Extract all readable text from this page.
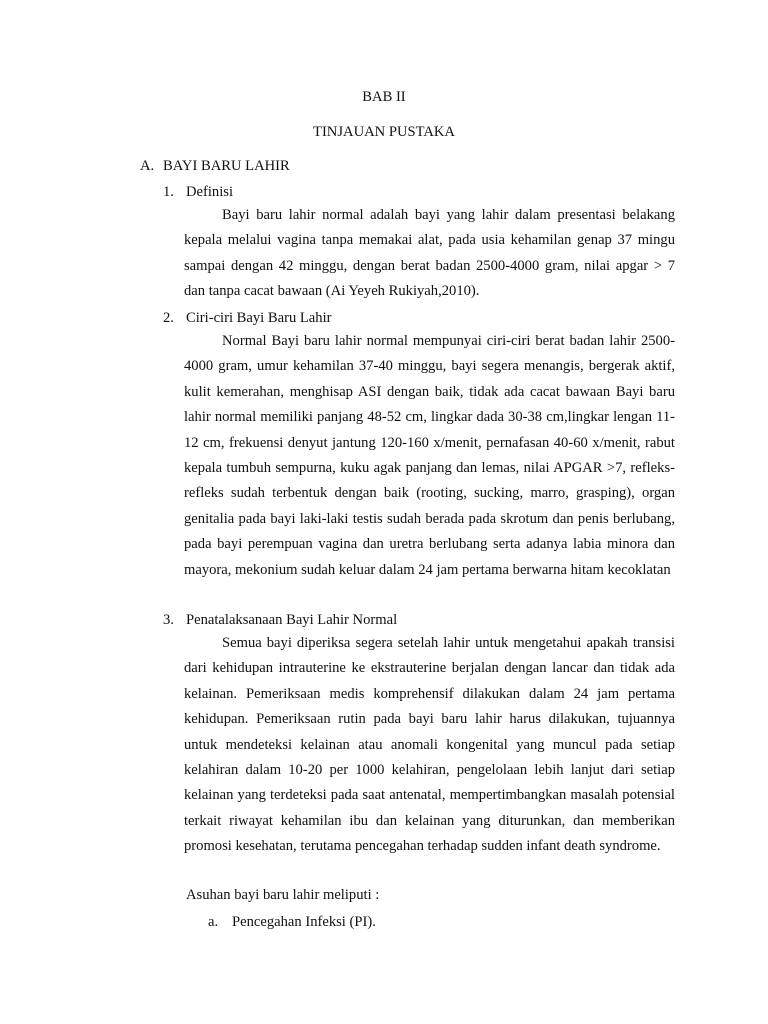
BAB II
TINJAUAN PUSTAKA
A. BAYI BARU LAHIR
1. Definisi

Bayi baru lahir normal adalah bayi yang lahir dalam presentasi belakang kepala melalui vagina tanpa memakai alat, pada usia kehamilan genap 37 mingu sampai dengan 42 minggu, dengan berat badan 2500-4000 gram, nilai apgar > 7 dan tanpa cacat bawaan (Ai Yeyeh Rukiyah,2010).

2. Ciri-ciri Bayi Baru Lahir

Normal Bayi baru lahir normal mempunyai ciri-ciri berat badan lahir 2500-4000 gram, umur kehamilan 37-40 minggu, bayi segera menangis, bergerak aktif, kulit kemerahan, menghisap ASI dengan baik, tidak ada cacat bawaan Bayi baru lahir normal memiliki panjang 48-52 cm, lingkar dada 30-38 cm,lingkar lengan 11-12 cm, frekuensi denyut jantung 120-160 x/menit, pernafasan 40-60 x/menit, rabut kepala tumbuh sempurna, kuku agak panjang dan lemas, nilai APGAR >7, refleks-refleks sudah terbentuk dengan baik (rooting, sucking, marro, grasping), organ genitalia pada bayi laki-laki testis sudah berada pada skrotum dan penis berlubang, pada bayi perempuan vagina dan uretra berlubang serta adanya labia minora dan mayora, mekonium sudah keluar dalam 24 jam pertama berwarna hitam kecoklatan

3. Penatalaksanaan Bayi Lahir Normal

Semua bayi diperiksa segera setelah lahir untuk mengetahui apakah transisi dari kehidupan intrauterine ke ekstrauterine berjalan dengan lancar dan tidak ada kelainan. Pemeriksaan medis komprehensif dilakukan dalam 24 jam pertama kehidupan. Pemeriksaan rutin pada bayi baru lahir harus dilakukan, tujuannya untuk mendeteksi kelainan atau anomali kongenital yang muncul pada setiap kelahiran dalam 10-20 per 1000 kelahiran, pengelolaan lebih lanjut dari setiap kelainan yang terdeteksi pada saat antenatal, mempertimbangkan masalah potensial terkait riwayat kehamilan ibu dan kelainan yang diturunkan, dan memberikan promosi kesehatan, terutama pencegahan terhadap sudden infant death syndrome.

Asuhan bayi baru lahir meliputi :
a. Pencegahan Infeksi (PI).
